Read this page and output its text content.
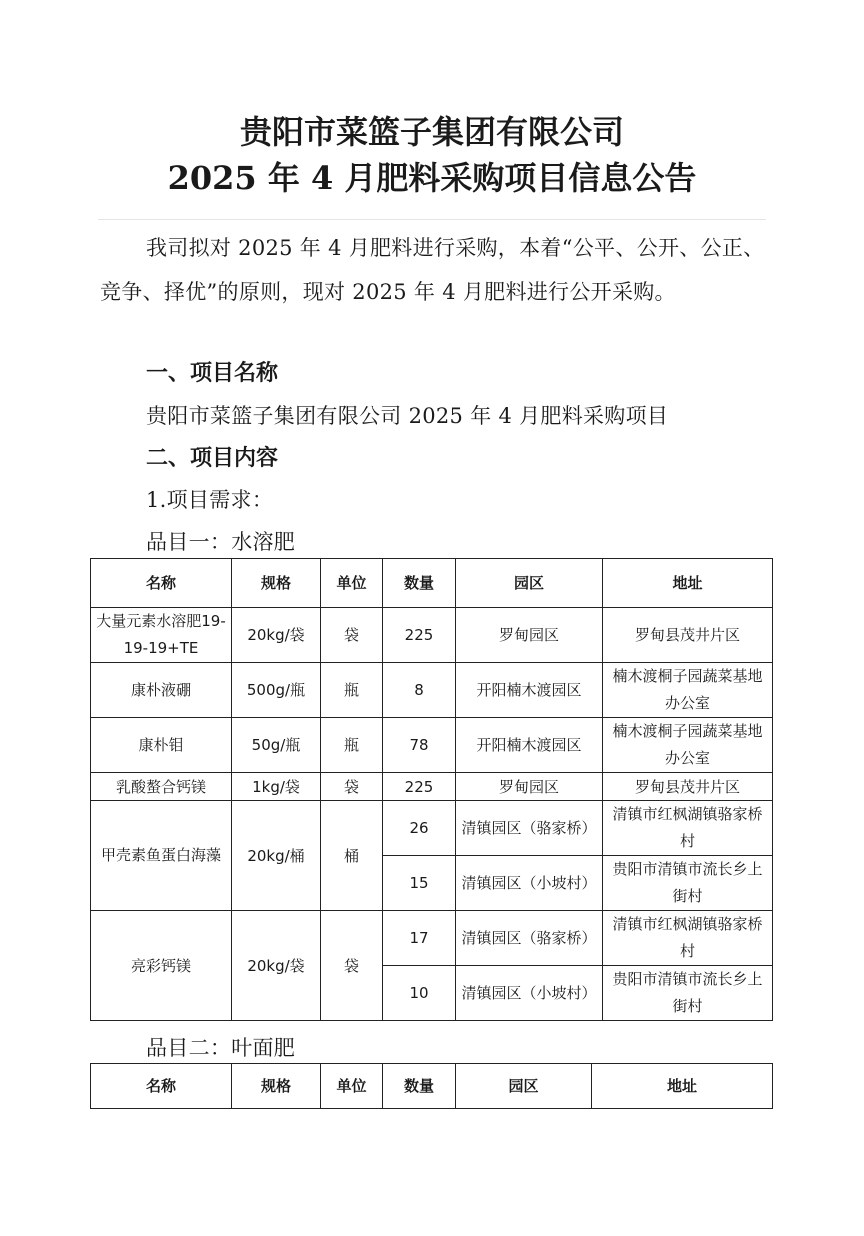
贵阳市菜篮子集团有限公司
2025 年 4 月肥料采购项目信息公告
我司拟对 2025 年 4 月肥料进行采购，本着“公平、公开、公正、竞争、择优”的原则，现对 2025 年 4 月肥料进行公开采购。
一、项目名称
贵阳市菜篮子集团有限公司 2025 年 4 月肥料采购项目
二、项目内容
1.项目需求：
品目一：水溶肥
名称	规格	单位	数量	园区	地址
大量元素水溶肥19-19-19+TE	20kg/袋	袋	225	罗甸园区	罗甸县茂井片区
康朴液硼	500g/瓶	瓶	8	开阳楠木渡园区	楠木渡桐子园蔬菜基地办公室
康朴钼	50g/瓶	瓶	78	开阳楠木渡园区	楠木渡桐子园蔬菜基地办公室
乳酸螯合钙镁	1kg/袋	袋	225	罗甸园区	罗甸县茂井片区
甲壳素鱼蛋白海藻	20kg/桶	桶	26	清镇园区（骆家桥）	清镇市红枫湖镇骆家桥村
			15	清镇园区（小坡村）	贵阳市清镇市流长乡上街村
亮彩钙镁	20kg/袋	袋	17	清镇园区（骆家桥）	清镇市红枫湖镇骆家桥村
			10	清镇园区（小坡村）	贵阳市清镇市流长乡上街村
品目二：叶面肥
名称	规格	单位	数量	园区	地址
